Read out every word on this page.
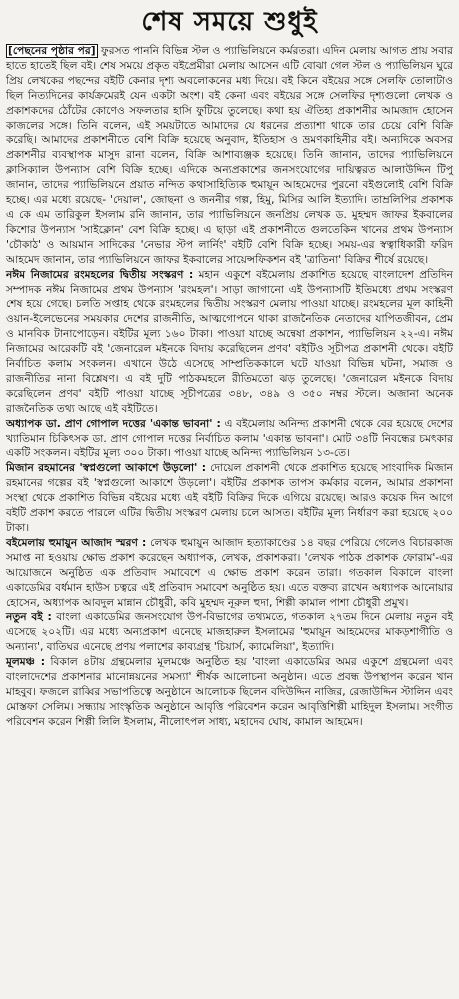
শেষ সময়ে শুধুই

[পেছনের পৃষ্ঠার পর] ফুরসত পাননি বিভিন্ন স্টল ও প্যাভিলিয়নে কর্মরতরা। এদিন মেলায় আগত প্রায় সবার হাতে হাতেই ছিল বই। শেষ সময়ে প্রকৃত বইপ্রেমীরা মেলায় আসেন এটি বোঝা গেল স্টল ও প্যাভিলিয়ন ঘুরে প্রিয় লেখকের পছন্দের বইটি কেনার দৃশ্য অবলোকনের মধ্য দিয়ে। বই কিনে বইয়ের সঙ্গে সেলফি তোলাটাও ছিল নিত্যদিনের কার্যক্রমেরই যেন একটা অংশ। বই কেনা এবং বইয়ের সঙ্গে সেলফির দৃশ্যগুলো লেখক ও প্রকাশকদের ঠোঁটের কোণেও সফলতার হাসি ফুটিয়ে তুলেছে। কথা হয় ঐতিহ্য প্রকাশনীর আমজাদ হোসেন কাজলের সঙ্গে। তিনি বলেন, এই সময়টাতে আমাদের যে ধরনের প্রত্যাশা থাকে তার চেয়ে বেশি বিক্রি করেছি। আমাদের প্রকাশনীতে বেশি বিক্রি হয়েছে অনুবাদ, ইতিহাস ও ভ্রমণকাহিনীর বই। অন্যদিকে অবসর প্রকাশনীর ব্যবস্থাপক মাসুদ রানা বলেন, বিক্রি আশাব্যঞ্জক হয়েছে। তিনি জানান, তাদের প্যাভিলিয়নে ক্লাসিক্যাল উপন্যাস বেশি বিক্রি হচ্ছে। এদিকে অন্যপ্রকাশের জনসংযোগের দায়িত্বরত আলাউদ্দিন টিপু জানান, তাদের প্যাভিলিয়নে প্রয়াত নন্দিত কথাসাহিত্যিক হুমায়ূন আহমেদের পুরনো বইগুলোই বেশি বিক্রি হচ্ছে। এর মধ্যে রয়েছে- 'দেয়াল', জোছনা ও জননীর গল্প, হিমু, মিসির আলি ইত্যাদি। তাম্রলিপির প্রকাশক এ কে এম তারিকুল ইসলাম রনি জানান, তার প্যাভিলিয়নে জনপ্রিয় লেখক ড. মুহম্মদ জাফর ইকবালের কিশোর উপন্যাস 'সাইক্লোন' বেশ বিক্রি হচ্ছে। এ ছাড়া এই প্রকাশনীতে গুলতেকিন খানের প্রথম উপন্যাস 'চৌকাঠ' ও আয়মান সাদিকের 'নেভার স্টপ লার্নিং' বইটি বেশি বিক্রি হচ্ছে। সময়-এর স্বত্বাধিকারী ফরিদ আহমেদ জানান, তার প্যাভিলিয়নে জাফর ইকবালের সায়েন্সফিকশন বই 'ত্রাতিনা' বিক্রির শীর্ষে রয়েছে।

নঈম নিজামের রংমহলের দ্বিতীয় সংস্করণ : মহান একুশে বইমেলায় প্রকাশিত হয়েছে বাংলাদেশ প্রতিদিন সম্পাদক নঈম নিজামের প্রথম উপন্যাস 'রংমহল'। সাড়া জাগানো এই উপন্যাসটি ইতিমধ্যে প্রথম সংস্করণ শেষ হয়ে গেছে। চলতি সপ্তাহ থেকে রংমহলের দ্বিতীয় সংস্করণ মেলায় পাওয়া যাচ্ছে। রংমহলের মূল কাহিনী ওয়ান-ইলেভেনের সময়কার দেশের রাজনীতি, আত্মগোপনে থাকা রাজনৈতিক নেতাদের যাপিতজীবন, প্রেম ও মানবিক টানাপোড়েন। বইটির মূল্য ১৬০ টাকা। পাওয়া যাচ্ছে অন্বেষা প্রকাশন, প্যাভিলিয়ন ২২-এ। নঈম নিজামের আরেকটি বই 'জেনারেল মইনকে বিদায় করেছিলেন প্রণব' বইটিও সূচীপত্র প্রকাশনী থেকে। বইটি নির্বাচিত কলাম সংকলন। এখানে উঠে এসেছে সাম্প্রতিককালে ঘটে যাওয়া বিভিন্ন ঘটনা, সমাজ ও রাজনীতির নানা বিশ্লেষণ। এ বই দুটি পাঠকমহলে রীতিমতো ঝড় তুলেছে। 'জেনারেল মইনকে বিদায় করেছিলেন প্রণব' বইটি পাওয়া যাচ্ছে সূচীপত্রের ৩৪৮, ৩৪৯ ও ৩৫০ নম্বর স্টলে। অজানা অনেক রাজনৈতিক তথ্য আছে এই বইটিতে।

অধ্যাপক ডা. প্রাণ গোপাল দত্তের 'একান্ত ভাবনা' : এ বইমেলায় অনিন্দ্য প্রকাশনী থেকে বের হয়েছে দেশের খ্যাতিমান চিকিৎসক ডা. প্রাণ গোপাল দত্তের নির্বাচিত কলাম 'একান্ত ভাবনা'। মোট ৩৪টি নিবন্ধের চমৎকার একটি সংকলন। বইটির মূল্য ৩০০ টাকা। পাওয়া যাচ্ছে অনিন্দ্য প্যাভিলিয়ন ১৩-তে।

মিজান রহমানের 'স্বপ্নগুলো আকাশে উড়লো' : দোয়েল প্রকাশনী থেকে প্রকাশিত হয়েছে সাংবাদিক মিজান রহমানের গল্পের বই 'স্বপ্নগুলো আকাশে উড়লো'। বইটির প্রকাশক তাপস কর্মকার বলেন, আমার প্রকাশনা সংস্থা থেকে প্রকাশিত বিভিন্ন বইয়ের মধ্যে এই বইটি বিক্রির দিকে এগিয়ে রয়েছে। আরও কয়েক দিন আগে বইটি প্রকাশ করতে পারলে এটির দ্বিতীয় সংস্করণ মেলায় চলে আসত। বইটির মূল্য নির্ধারণ করা হয়েছে ২০০ টাকা।

বইমেলায় হুমায়ুন আজাদ স্মরণ : লেখক হুমায়ুন আজাদ হত্যাকাণ্ডের ১৪ বছর পেরিয়ে গেলেও বিচারকাজ সমাপ্ত না হওয়ায় ক্ষোভ প্রকাশ করেছেন অধ্যাপক, লেখক, প্রকাশকরা। 'লেখক পাঠক প্রকাশক ফোরাম'-এর আয়োজনে অনুষ্ঠিত এক প্রতিবাদ সমাবেশে এ ক্ষোভ প্রকাশ করেন তারা। গতকাল বিকালে বাংলা একাডেমির বর্ধমান হাউস চত্বরে এই প্রতিবাদ সমাবেশ অনুষ্ঠিত হয়। এতে বক্তব্য রাখেন অধ্যাপক আনোয়ার হোসেন, অধ্যাপক আবদুল মান্নান চৌধুরী, কবি মুহম্মদ নূরুল হুদা, শিল্পী কামাল পাশা চৌধুরী প্রমুখ।

নতুন বই : বাংলা একাডেমির জনসংযোগ উপ-বিভাগের তথ্যমতে, গতকাল ২৭তম দিনে মেলায় নতুন বই এসেছে ২০২টি। এর মধ্যে অন্যপ্রকাশ এনেছে মাজহারুল ইসলামের 'হুমায়ূন আহমেদের মাকড়শাগীতি ও অন্যান্য', বাতিঘর এনেছে প্রণয় পলাশের কাব্যগ্রন্থ 'চিয়ার্স, ক্যামেলিয়া', ইত্যাদি।

মূলমঞ্চ : বিকাল ৪টায় গ্রন্থমেলার মূলমঞ্চে অনুষ্ঠিত হয় 'বাংলা একাডেমির অমর একুশে গ্রন্থমেলা এবং বাংলাদেশের প্রকাশনার মানোন্নয়নের সমস্যা' শীর্ষক আলোচনা অনুষ্ঠান। এতে প্রবন্ধ উপস্থাপন করেন খান মাহবুব। ফজলে রাব্বির সভাপতিত্বে অনুষ্ঠানে আলোচক ছিলেন বদিউদ্দিন নাজির, রেজাউদ্দিন স্টালিন এবং মোস্তফা সেলিম। সন্ধ্যায় সাংস্কৃতিক অনুষ্ঠানে আবৃত্তি পরিবেশন করেন আবৃত্তিশিল্পী মাহিদুল ইসলাম। সংগীত পরিবেশন করেন শিল্পী লিলি ইসলাম, নীলোৎপল সাধ্য, মহাদেব ঘোষ, কামাল আহমেদ।
